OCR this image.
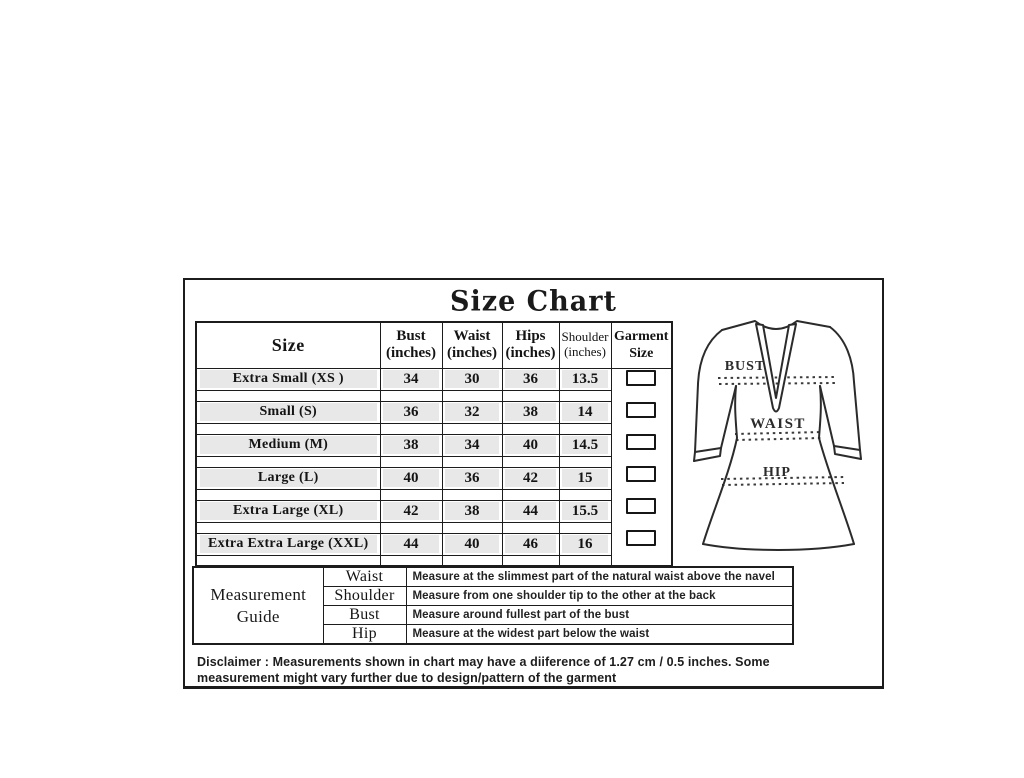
Size Chart
Size	Bust (inches)	Waist (inches)	Hips (inches)	Shoulder (inches)	Garment Size
Extra Small (XS )	34	30	36	13.5	

Small (S)	36	32	38	14	

Medium (M)	38	34	40	14.5	

Large (L)	40	36	42	15	

Extra Large (XL)	42	38	44	15.5	

Extra Extra Large (XXL)	44	40	46	16	

BUST
WAIST
HIP
Measurement Guide	Waist	Measure at the slimmest part of the natural waist above the navel
	Shoulder	Measure from one shoulder tip to the other at the back
	Bust	Measure around fullest part of the bust
	Hip	Measure at the widest part below the waist
Disclaimer : Measurements shown in chart may have a diiference of 1.27 cm / 0.5 inches. Some
measurement might vary further due to design/pattern of the garment
